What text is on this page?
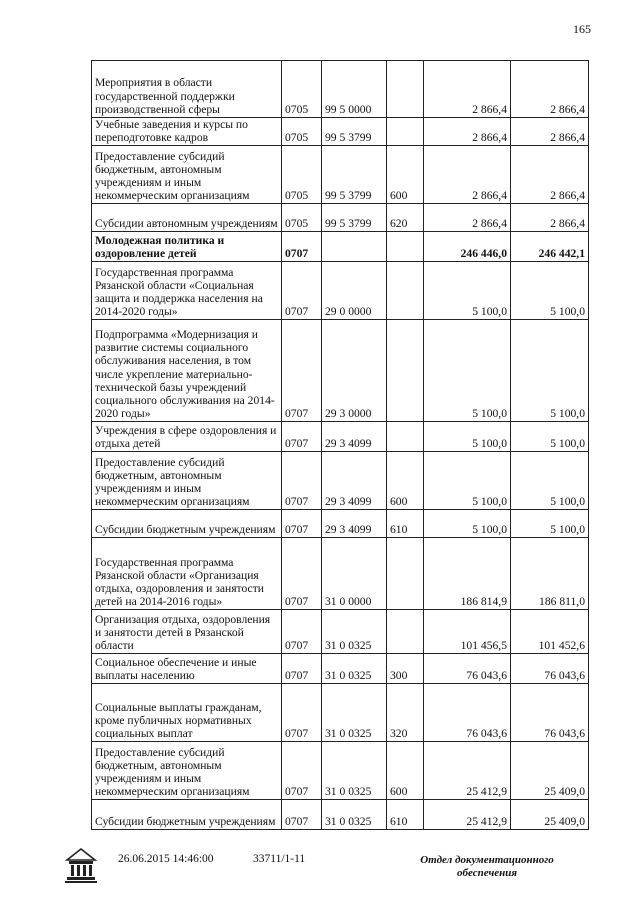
165
Мероприятия в области государственной поддержки производственной сферы	0705	99 5 0000		2 866,4	2 866,4
Учебные заведения и курсы по переподготовке кадров	0705	99 5 3799		2 866,4	2 866,4
Предоставление субсидий бюджетным, автономным учреждениям и иным некоммерческим организациям	0705	99 5 3799	600	2 866,4	2 866,4
Субсидии автономным учреждениям	0705	99 5 3799	620	2 866,4	2 866,4
Молодежная политика и оздоровление детей	0707			246 446,0	246 442,1
Государственная программа Рязанской области «Социальная защита и поддержка населения на 2014-2020 годы»	0707	29 0 0000		5 100,0	5 100,0
Подпрограмма «Модернизация и развитие системы социального обслуживания населения, в том числе укрепление материально-технической базы учреждений социального обслуживания на 2014-2020 годы»	0707	29 3 0000		5 100,0	5 100,0
Учреждения в сфере оздоровления и отдыха детей	0707	29 3 4099		5 100,0	5 100,0
Предоставление субсидий бюджетным, автономным учреждениям и иным некоммерческим организациям	0707	29 3 4099	600	5 100,0	5 100,0
Субсидии бюджетным учреждениям	0707	29 3 4099	610	5 100,0	5 100,0
Государственная программа Рязанской области «Организация отдыха, оздоровления и занятости детей на 2014-2016 годы»	0707	31 0 0000		186 814,9	186 811,0
Организация отдыха, оздоровления и занятости детей в Рязанской области	0707	31 0 0325		101 456,5	101 452,6
Социальное обеспечение и иные выплаты населению	0707	31 0 0325	300	76 043,6	76 043,6
Социальные выплаты гражданам, кроме публичных нормативных социальных выплат	0707	31 0 0325	320	76 043,6	76 043,6
Предоставление субсидий бюджетным, автономным учреждениям и иным некоммерческим организациям	0707	31 0 0325	600	25 412,9	25 409,0
Субсидии бюджетным учреждениям	0707	31 0 0325	610	25 412,9	25 409,0
26.06.2015 14:46:00	33711/1-11	Отдел документационного обеспечения
